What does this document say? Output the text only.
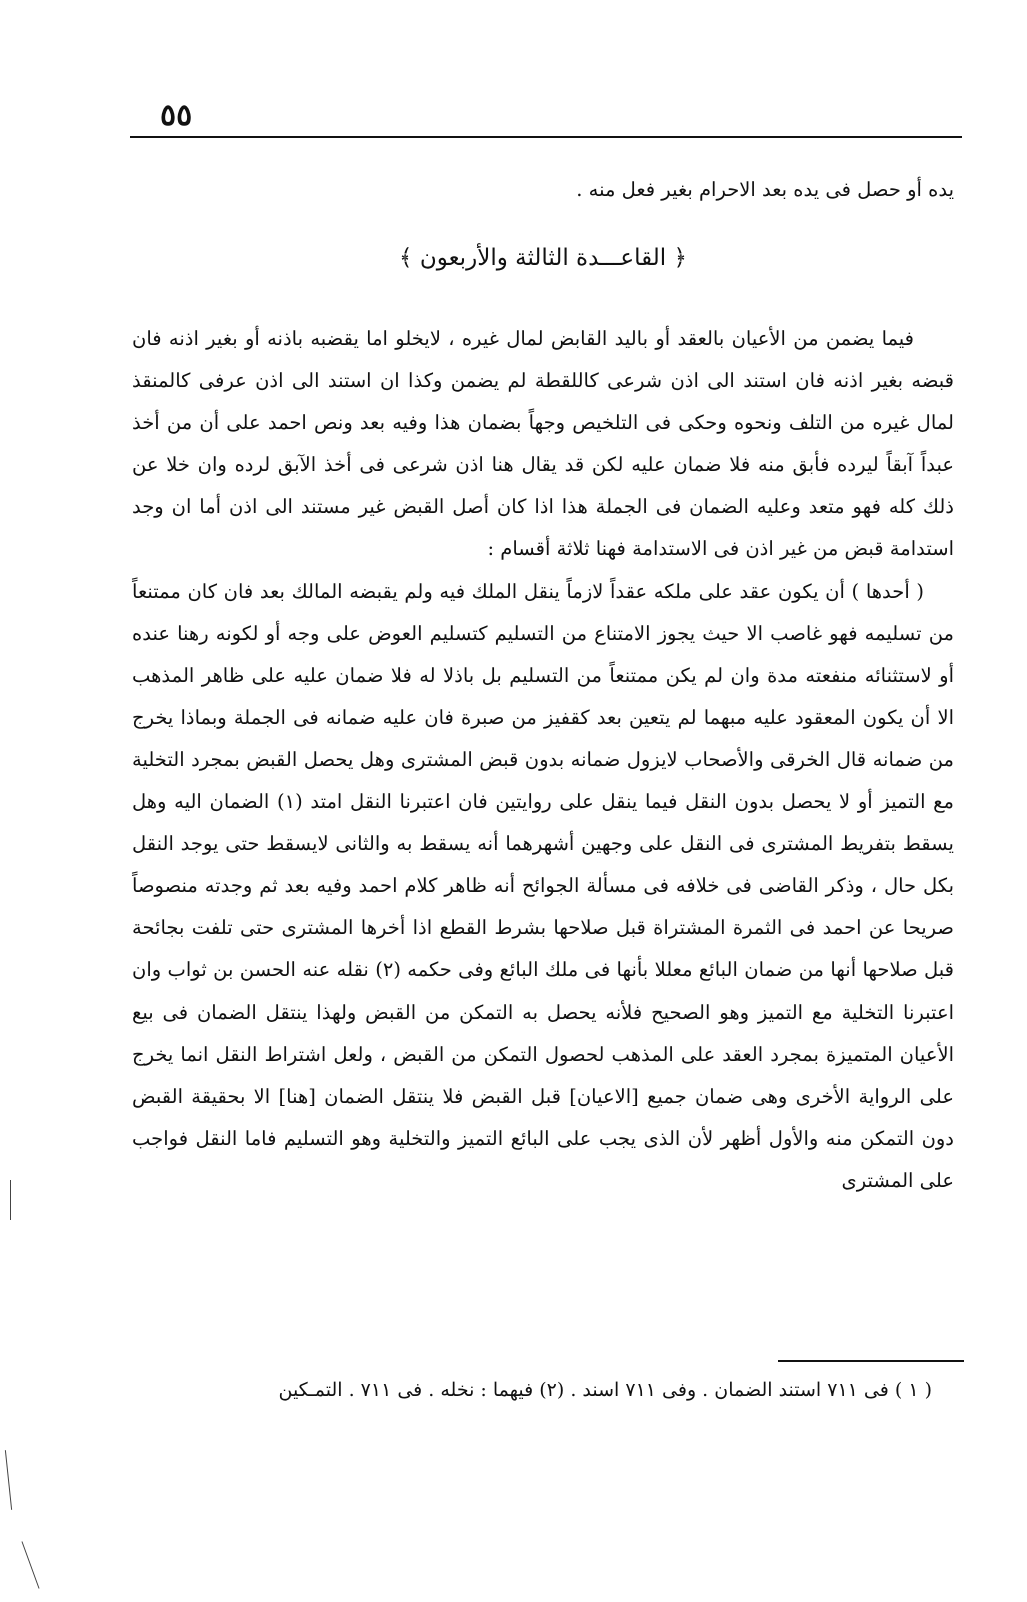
٥٥
يده أو حصل فى يده بعد الاحرام بغير فعل منه .
﴿ القاعـــدة الثالثة والأربعون ﴾

فيما يضمن من الأعيان بالعقد أو باليد القابض لمال غيره ، لايخلو اما يقضبه باذنه أو بغير اذنه فان قبضه بغير اذنه فان استند الى اذن شرعى كاللقطة لم يضمن وكذا ان استند الى اذن عرفى كالمنقذ لمال غيره من التلف ونحوه وحكى فى التلخيص وجهاً بضمان هذا وفيه بعد ونص احمد على أن من أخذ عبداً آبقاً ليرده فأبق منه فلا ضمان عليه لكن قد يقال هنا اذن شرعى فى أخذ الآبق لرده وان خلا عن ذلك كله فهو متعد وعليه الضمان فى الجملة هذا اذا كان أصل القبض غير مستند الى اذن أما ان وجد استدامة قبض من غير اذن فى الاستدامة فهنا ثلاثة أقسام :

( أحدها ) أن يكون عقد على ملكه عقداً لازماً ينقل الملك فيه ولم يقبضه المالك بعد فان كان ممتنعاً من تسليمه فهو غاصب الا حيث يجوز الامتناع من التسليم كتسليم العوض على وجه أو لكونه رهنا عنده أو لاستثنائه منفعته مدة وان لم يكن ممتنعاً من التسليم بل باذلا له فلا ضمان عليه على ظاهر المذهب الا أن يكون المعقود عليه مبهما لم يتعين بعد كقفيز من صبرة فان عليه ضمانه فى الجملة وبماذا يخرج من ضمانه قال الخرقى والأصحاب لايزول ضمانه بدون قبض المشترى وهل يحصل القبض بمجرد التخلية مع التميز أو لا يحصل بدون النقل فيما ينقل على روايتين فان اعتبرنا النقل امتد (١) الضمان اليه وهل يسقط بتفريط المشترى فى النقل على وجهين أشهرهما أنه يسقط به والثانى لايسقط حتى يوجد النقل بكل حال ، وذكر القاضى فى خلافه فى مسألة الجوائح أنه ظاهر كلام احمد وفيه بعد ثم وجدته منصوصاً صريحا عن احمد فى الثمرة المشتراة قبل صلاحها بشرط القطع اذا أخرها المشترى حتى تلفت بجائحة قبل صلاحها أنها من ضمان البائع معللا بأنها فى ملك البائع وفى حكمه (٢) نقله عنه الحسن بن ثواب وان اعتبرنا التخلية مع التميز وهو الصحيح فلأنه يحصل به التمكن من القبض ولهذا ينتقل الضمان فى بيع الأعيان المتميزة بمجرد العقد على المذهب لحصول التمكن من القبض ، ولعل اشتراط النقل انما يخرج على الرواية الأخرى وهى ضمان جميع [الاعيان] قبل القبض فلا ينتقل الضمان [هنا] الا بحقيقة القبض دون التمكن منه والأول أظهر لأن الذى يجب على البائع التميز والتخلية وهو التسليم فاما النقل فواجب على المشترى

( ١ ) فى ٧١١ استند الضمان . وفى ٧١١ اسند . (٢) فيهما : نخله . فى ٧١١ . التمـكين
